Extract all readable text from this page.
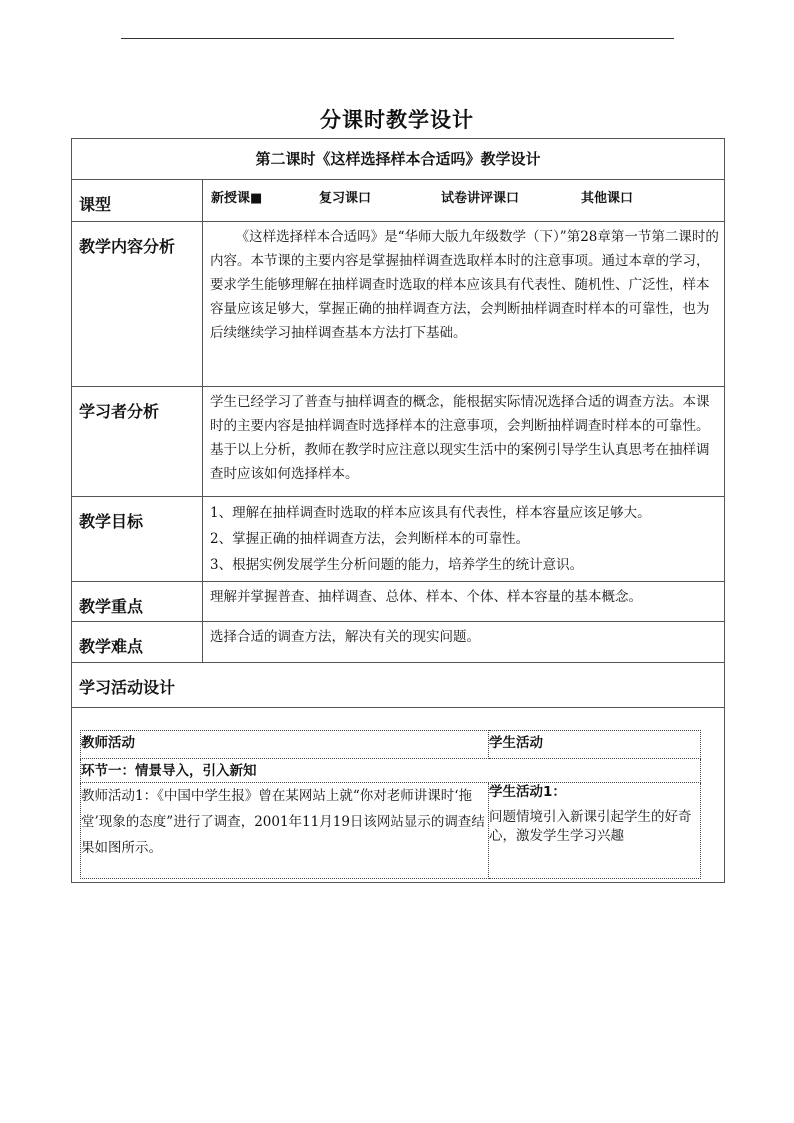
分课时教学设计
第二课时《这样选择样本合适吗》教学设计
课型	新授课■	复习课口	试卷讲评课口	其他课口
教学内容分析	《这样选择样本合适吗》是“华师大版九年级数学（下）”第28章第一节第二课时的内容。本节课的主要内容是掌握抽样调查选取样本时的注意事项。通过本章的学习，要求学生能够理解在抽样调查时选取的样本应该具有代表性、随机性、广泛性，样本容量应该足够大，掌握正确的抽样调查方法，会判断抽样调查时样本的可靠性，也为后续继续学习抽样调查基本方法打下基础。

学习者分析	学生已经学习了普查与抽样调查的概念，能根据实际情况选择合适的调查方法。本课时的主要内容是抽样调查时选择样本的注意事项，会判断抽样调查时样本的可靠性。基于以上分析，教师在教学时应注意以现实生活中的案例引导学生认真思考在抽样调查时应该如何选择样本。

教学目标	1、理解在抽样调查时选取的样本应该具有代表性，样本容量应该足够大。
2、掌握正确的抽样调查方法，会判断样本的可靠性。
3、根据实例发展学生分析问题的能力，培养学生的统计意识。

教学重点	理解并掌握普查、抽样调查、总体、样本、个体、样本容量的基本概念。
教学难点	选择合适的调查方法，解决有关的现实问题。
学习活动设计

教师活动	学生活动
环节一：情景导入，引入新知
教师活动1：《中国中学生报》曾在某网站上就“你对老师讲课时‘拖堂’现象的态度”进行了调查，2001年11月19日该网站显示的调查结果如图所示。	
学生活动1：
问题情境引入新课引起学生的好奇心，激发学生学习兴趣
